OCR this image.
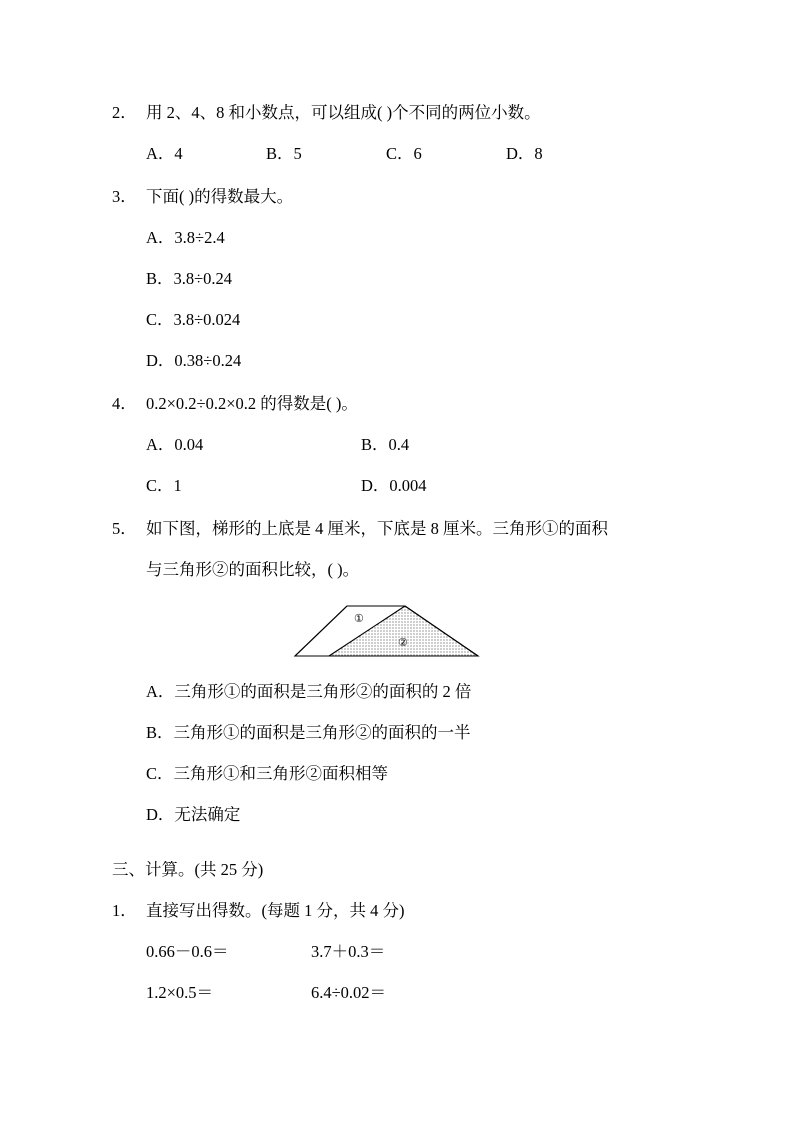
2． 用 2、4、8 和小数点，可以组成( )个不同的两位小数。
A．4	B．5	C．6	D．8
3． 下面( )的得数最大。
A．3.8÷2.4
B．3.8÷0.24
C．3.8÷0.024
D．0.38÷0.24
4． 0.2×0.2÷0.2×0.2 的得数是( )。
A．0.04	B．0.4
C．1	D．0.004
5． 如下图，梯形的上底是 4 厘米，下底是 8 厘米。三角形①的面积
与三角形②的面积比较，( )。
①
②
A．三角形①的面积是三角形②的面积的 2 倍
B．三角形①的面积是三角形②的面积的一半
C．三角形①和三角形②面积相等
D．无法确定
三、计算。(共 25 分)
1． 直接写出得数。(每题 1 分，共 4 分)
0.66－0.6＝	3.7＋0.3＝
1.2×0.5＝	6.4÷0.02＝
